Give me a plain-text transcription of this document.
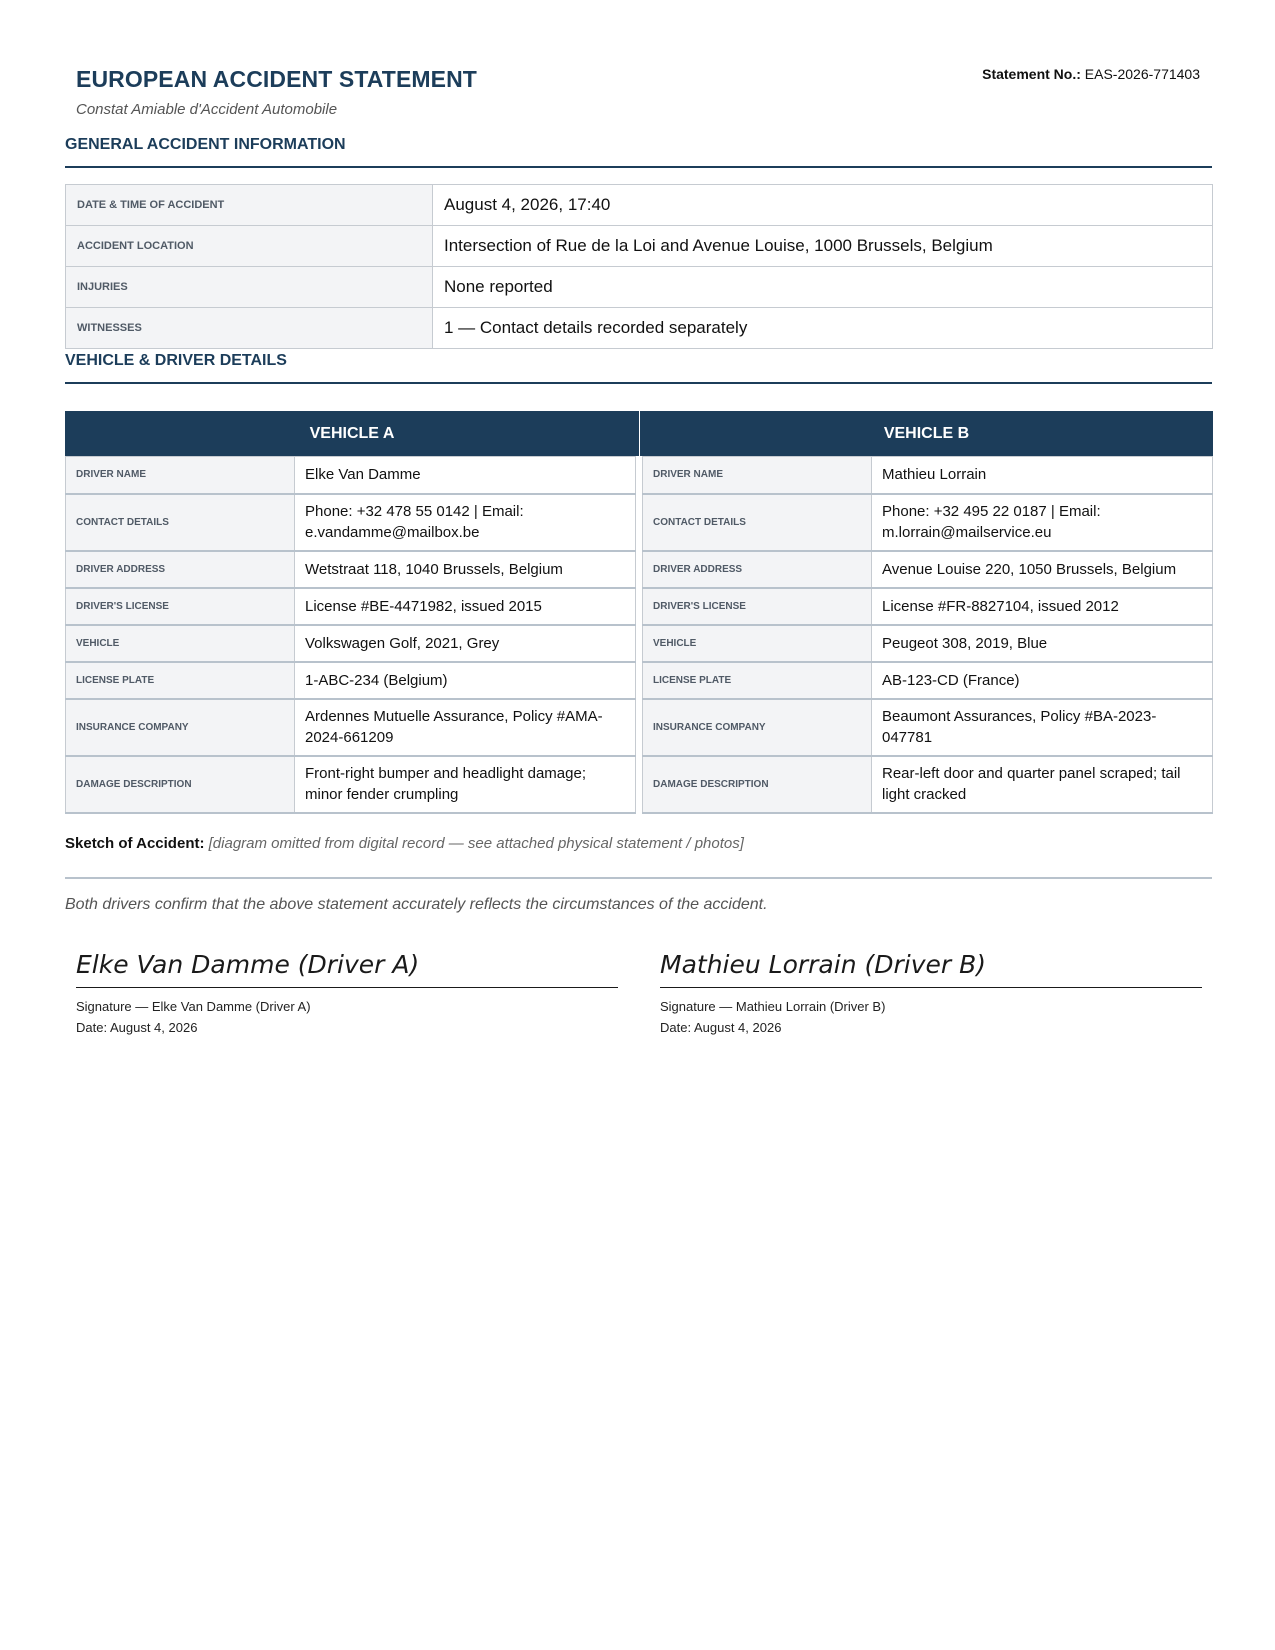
EUROPEAN ACCIDENT STATEMENT
Constat Amiable d'Accident Automobile
Statement No.: EAS-2026-771403
GENERAL ACCIDENT INFORMATION
DATE & TIME OF ACCIDENT	August 4, 2026, 17:40
ACCIDENT LOCATION	Intersection of Rue de la Loi and Avenue Louise, 1000 Brussels, Belgium
INJURIES	None reported
WITNESSES	1 — Contact details recorded separately
VEHICLE & DRIVER DETAILS
VEHICLE A	VEHICLE B
DRIVER NAME	Elke Van Damme
CONTACT DETAILS	Phone: +32 478 55 0142 | Email: e.vandamme@mailbox.be
DRIVER ADDRESS	Wetstraat 118, 1040 Brussels, Belgium
DRIVER'S LICENSE	License #BE-4471982, issued 2015
VEHICLE	Volkswagen Golf, 2021, Grey
LICENSE PLATE	1-ABC-234 (Belgium)
INSURANCE COMPANY	Ardennes Mutuelle Assurance, Policy #AMA-2024-661209
DAMAGE DESCRIPTION	Front-right bumper and headlight damage; minor fender crumpling
DRIVER NAME	Mathieu Lorrain
CONTACT DETAILS	Phone: +32 495 22 0187 | Email: m.lorrain@mailservice.eu
DRIVER ADDRESS	Avenue Louise 220, 1050 Brussels, Belgium
DRIVER'S LICENSE	License #FR-8827104, issued 2012
VEHICLE	Peugeot 308, 2019, Blue
LICENSE PLATE	AB-123-CD (France)
INSURANCE COMPANY	Beaumont Assurances, Policy #BA-2023-047781
DAMAGE DESCRIPTION	Rear-left door and quarter panel scraped; tail light cracked
Sketch of Accident: [diagram omitted from digital record — see attached physical statement / photos]
Both drivers confirm that the above statement accurately reflects the circumstances of the accident.
Elke Van Damme (Driver A)
Signature — Elke Van Damme (Driver A)
Date: August 4, 2026
Mathieu Lorrain (Driver B)
Signature — Mathieu Lorrain (Driver B)
Date: August 4, 2026
